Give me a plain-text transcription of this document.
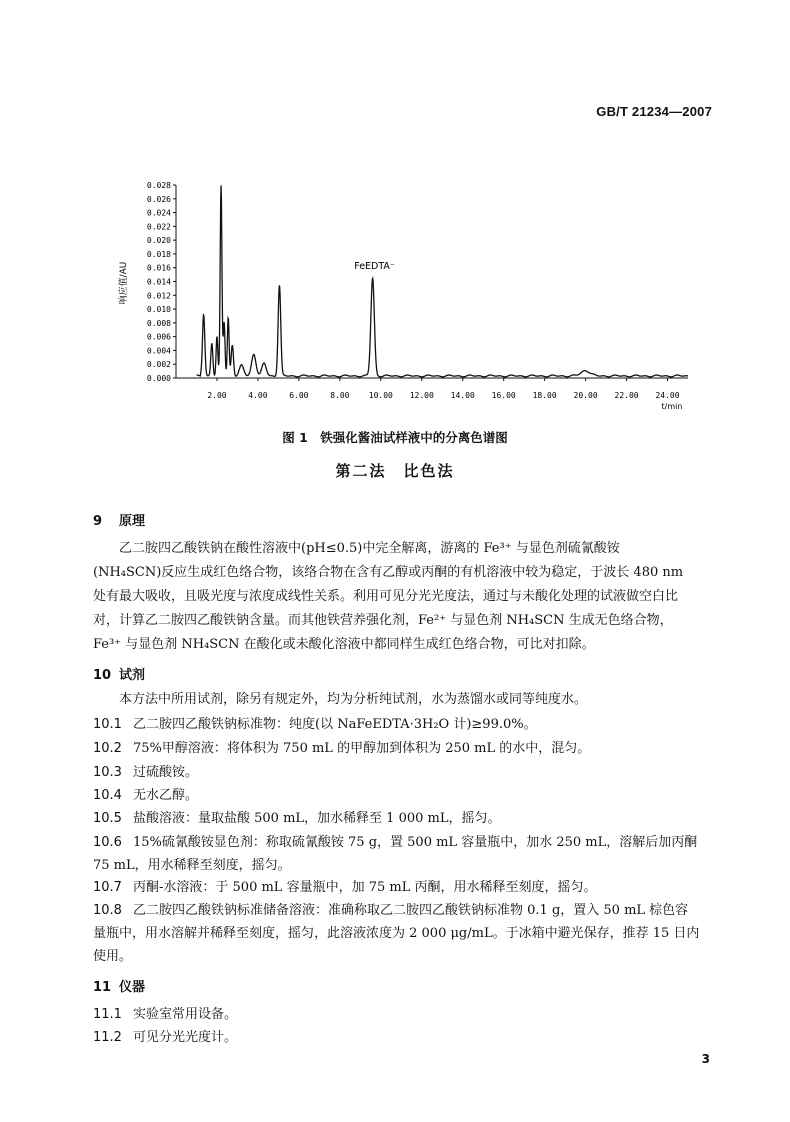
GB/T 21234—2007
0.000
0.002
0.004
0.006
0.008
0.010
0.012
0.014
0.016
0.018
0.020
0.022
0.024
0.026
0.028
2.00	4.00	6.00	8.00 10.00 12.00 14.00 16.00 18.00 20.00 22.00 24.00
响应值/AU
t/min
FeEDTA⁻
图 1　铁强化酱油试样液中的分离色谱图
第二法　比色法
9 原理

乙二胺四乙酸铁钠在酸性溶液中(pH≤0.5)中完全解离，游离的 Fe³⁺ 与显色剂硫氰酸铵

(NH₄SCN)反应生成红色络合物，该络合物在含有乙醇或丙酮的有机溶液中较为稳定，于波长 480 nm

处有最大吸收，且吸光度与浓度成线性关系。利用可见分光光度法，通过与未酸化处理的试液做空白比

对，计算乙二胺四乙酸铁钠含量。而其他铁营养强化剂，Fe²⁺ 与显色剂 NH₄SCN 生成无色络合物，

Fe³⁺ 与显色剂 NH₄SCN 在酸化或未酸化溶液中都同样生成红色络合物，可比对扣除。

10 试剂

本方法中所用试剂，除另有规定外，均为分析纯试剂，水为蒸馏水或同等纯度水。

10.1 乙二胺四乙酸铁钠标准物：纯度(以 NaFeEDTA·3H₂O 计)≥99.0%。
10.2 75%甲醇溶液：将体积为 750 mL 的甲醇加到体积为 250 mL 的水中，混匀。
10.3 过硫酸铵。
10.4 无水乙醇。
10.5 盐酸溶液：量取盐酸 500 mL，加水稀释至 1 000 mL，摇匀。
10.6 15%硫氰酸铵显色剂：称取硫氰酸铵 75 g，置 500 mL 容量瓶中，加水 250 mL，溶解后加丙酮
75 mL，用水稀释至刻度，摇匀。
10.7 丙酮-水溶液：于 500 mL 容量瓶中，加 75 mL 丙酮，用水稀释至刻度，摇匀。
10.8 乙二胺四乙酸铁钠标准储备溶液：准确称取乙二胺四乙酸铁钠标准物 0.1 g，置入 50 mL 棕色容
量瓶中，用水溶解并稀释至刻度，摇匀，此溶液浓度为 2 000 μg/mL。于冰箱中避光保存，推荐 15 日内
使用。
11 仪器
11.1 实验室常用设备。
11.2 可见分光光度计。
3
